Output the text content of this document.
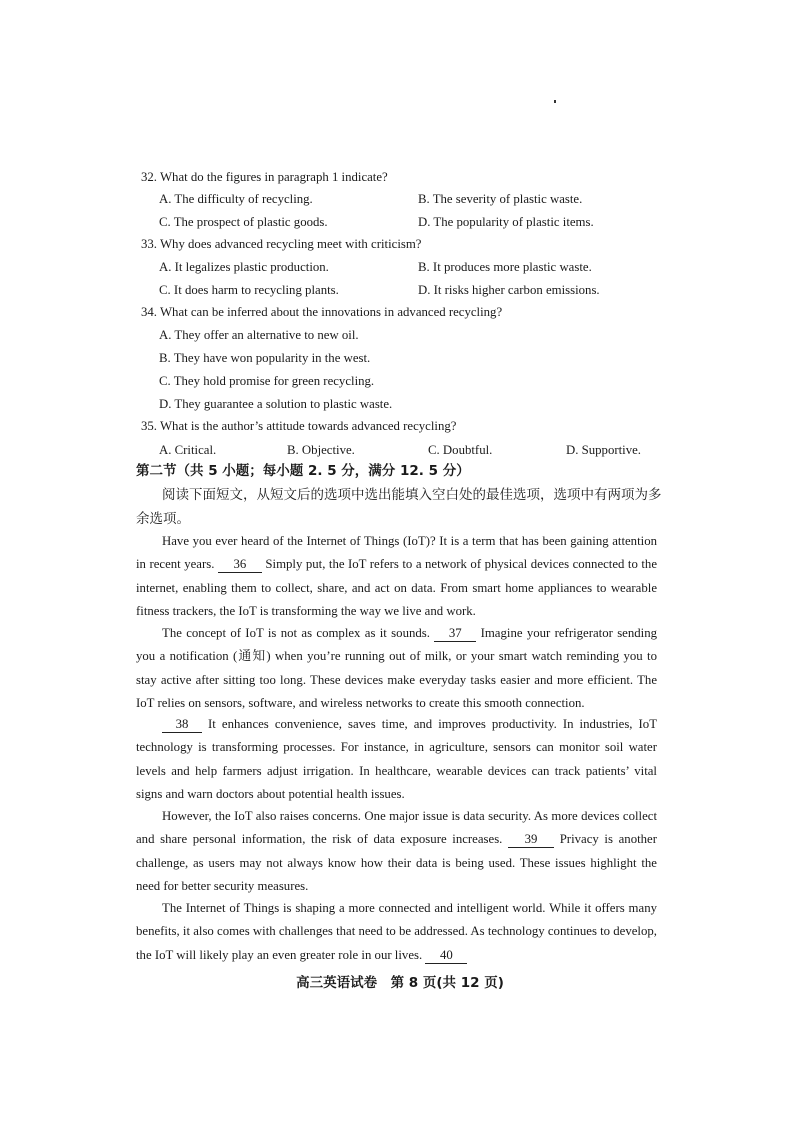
32. What do the figures in paragraph 1 indicate?
A. The difficulty of recycling.	B. The severity of plastic waste.
C. The prospect of plastic goods.	D. The popularity of plastic items.
33. Why does advanced recycling meet with criticism?
A. It legalizes plastic production.	B. It produces more plastic waste.
C. It does harm to recycling plants.	D. It risks higher carbon emissions.
34. What can be inferred about the innovations in advanced recycling?
A. They offer an alternative to new oil.
B. They have won popularity in the west.
C. They hold promise for green recycling.
D. They guarantee a solution to plastic waste.
35. What is the author’s attitude towards advanced recycling?
A. Critical.	B. Objective.	C. Doubtful.	D. Supportive.
第二节（共 5 小题；每小题 2. 5 分，满分 12. 5 分）
阅读下面短文，从短文后的选项中选出能填入空白处的最佳选项，选项中有两项为多
余选项。
Have you ever heard of the Internet of Things (IoT)? It is a term that has been gaining attention in recent years. 36 Simply put, the IoT refers to a network of physical devices connected to the internet, enabling them to collect, share, and act on data. From smart home appliances to wearable fitness trackers, the IoT is transforming the way we live and work.
The concept of IoT is not as complex as it sounds. 37 Imagine your refrigerator sending you a notification (通知) when you’re running out of milk, or your smart watch reminding you to stay active after sitting too long. These devices make everyday tasks easier and more efficient. The IoT relies on sensors, software, and wireless networks to create this smooth connection.
38 It enhances convenience, saves time, and improves productivity. In industries, IoT technology is transforming processes. For instance, in agriculture, sensors can monitor soil water levels and help farmers adjust irrigation. In healthcare, wearable devices can track patients’ vital signs and warn doctors about potential health issues.
However, the IoT also raises concerns. One major issue is data security. As more devices collect and share personal information, the risk of data exposure increases. 39 Privacy is another challenge, as users may not always know how their data is being used. These issues highlight the need for better security measures.
The Internet of Things is shaping a more connected and intelligent world. While it offers many benefits, it also comes with challenges that need to be addressed. As technology continues to develop, the IoT will likely play an even greater role in our lives. 40
高三英语试卷　第 8 页(共 12 页)
